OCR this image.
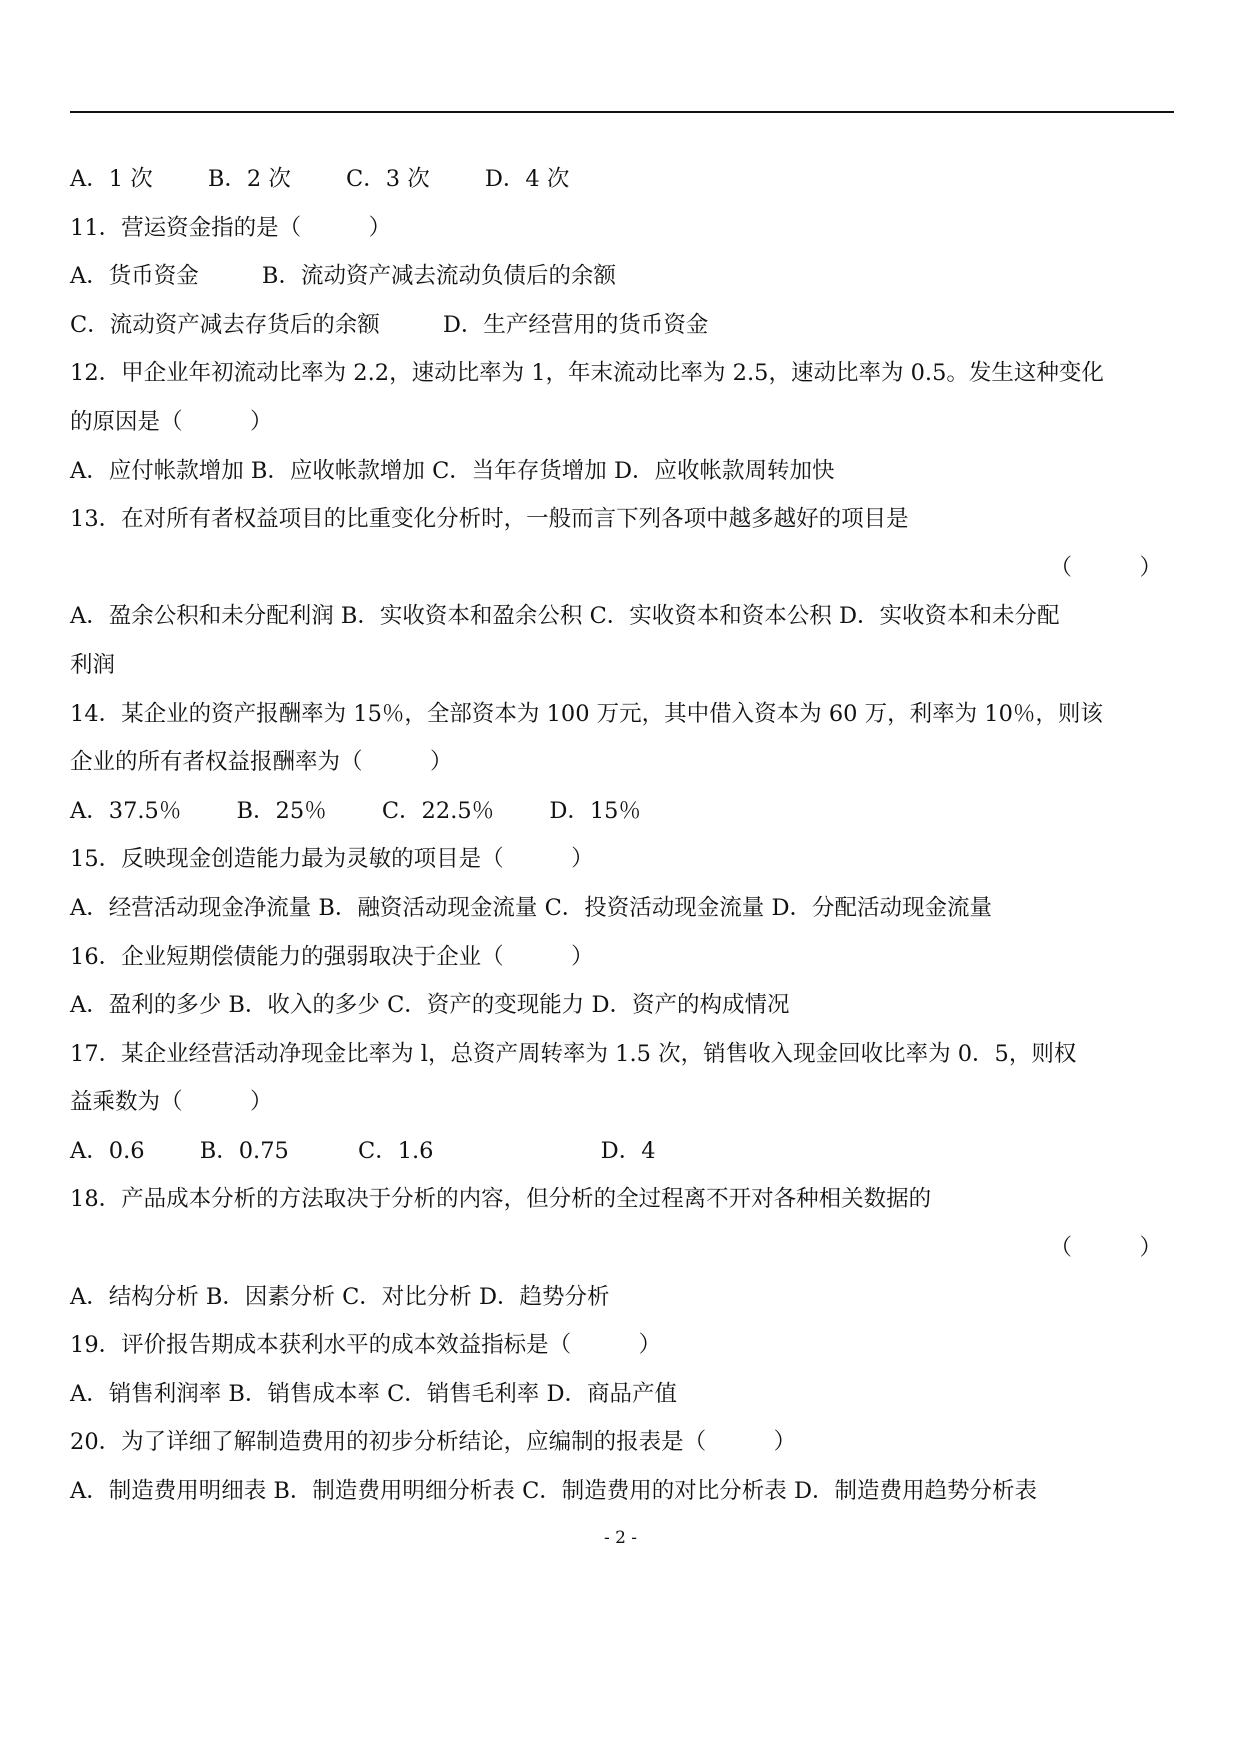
A．1 次 B．2 次 C．3 次 D．4 次
11．营运资金指的是（　　　）
A．货币资金	B．流动资产减去流动负债后的余额
C．流动资产减去存货后的余额	D．生产经营用的货币资金
12．甲企业年初流动比率为 2.2，速动比率为 1，年末流动比率为 2.5，速动比率为 0.5。发生这种变化
的原因是（　　　）
A．应付帐款增加 B．应收帐款增加 C．当年存货增加 D．应收帐款周转加快
13．在对所有者权益项目的比重变化分析时，一般而言下列各项中越多越好的项目是
（　　　）
A．盈余公积和未分配利润 B．实收资本和盈余公积 C．实收资本和资本公积 D．实收资本和未分配
利润
14．某企业的资产报酬率为 15％，全部资本为 100 万元，其中借入资本为 60 万，利率为 10％，则该
企业的所有者权益报酬率为（　　　）
A．37.5％ B．25％ C．22.5％ D．15％
15．反映现金创造能力最为灵敏的项目是（　　　）
A．经营活动现金净流量 B．融资活动现金流量 C．投资活动现金流量 D．分配活动现金流量
16．企业短期偿债能力的强弱取决于企业（　　　）
A．盈利的多少 B．收入的多少 C．资产的变现能力 D．资产的构成情况
17．某企业经营活动净现金比率为 l，总资产周转率为 1.5 次，销售收入现金回收比率为 0．5，则权
益乘数为（　　　）
A．0.6 B．0.75	C．1.6	D．4
18．产品成本分析的方法取决于分析的内容，但分析的全过程离不开对各种相关数据的
（　　　）
A．结构分析 B．因素分析 C．对比分析 D．趋势分析
19．评价报告期成本获利水平的成本效益指标是（　　　）
A．销售利润率 B．销售成本率 C．销售毛利率 D．商品产值
20．为了详细了解制造费用的初步分析结论，应编制的报表是（　　　）
A．制造费用明细表 B．制造费用明细分析表 C．制造费用的对比分析表 D．制造费用趋势分析表
- 2 -
